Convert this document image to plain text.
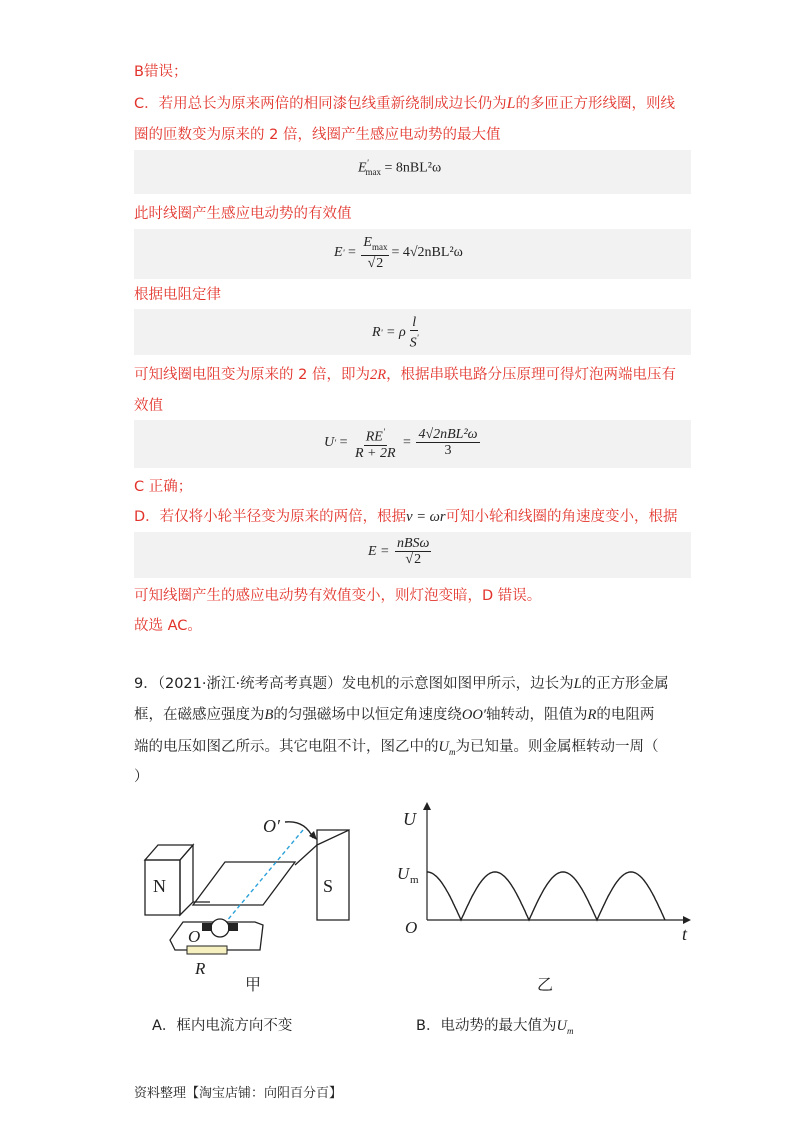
B错误；
C．若用总长为原来两倍的相同漆包线重新绕制成边长仍为L的多匝正方形线圈，则线
圈的匝数变为原来的 2 倍，线圈产生感应电动势的最大值
$E'_{max} = 8nBL^2\omega$
此时线圈产生感应电动势的有效值
E ' = $\frac{E_{max}}{√2} = 4√2nBL^2\omega$
根据电阻定律
R '
= ρ $\frac{l}{S'}$
可知线圈电阻变为原来的 2 倍，即为2R，根据串联电路分压原理可得灯泡两端电压有
效值
U ' = $\frac{RE'}{R + 2R} = \frac{\text{4√2nBL²ω}}{3}$
C 正确；
D．若仅将小轮半径变为原来的两倍，根据v = ωr可知小轮和线圈的角速度变小，根据
E =
$\frac{\text{nBSω}}{√2}$
可知线圈产生的感应电动势有效值变小，则灯泡变暗，D 错误。
故选 AC。
9．（2021·浙江·统考高考真题）发电机的示意图如图甲所示，边长为L的正方形金属
框，在磁感应强度为B的匀强磁场中以恒定角速度绕OO′轴转动，阻值为R的电阻两
端的电压如图乙所示。其它电阻不计，图乙中的$U_m$为已知量。则金属框转动一周（
）
N	S
O
O′
R
甲
U
t
U m
O
乙
A．框内电流方向不变	B．电动势的最大值为$U_m$
资料整理【淘宝店铺：向阳百分百】
